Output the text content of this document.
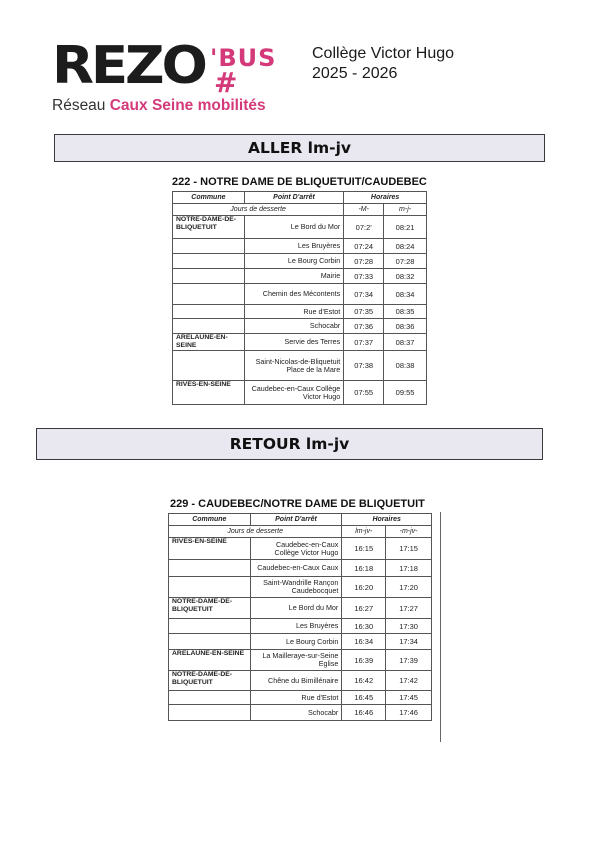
REZO 'BUS
#
Réseau Caux Seine mobilités
Collège Victor Hugo
2025 - 2026
ALLER lm-jv
222 - NOTRE DAME DE BLIQUETUIT/CAUDEBEC
Commune	Point D'arrêt	Horaires	
Jours de desserte		-M-	m-j-
NOTRE-DAME-DE-BLIQUETUIT	Le Bord du Mor	07:2'	08:21
	Les Bruyères	07:24	08:24
	Le Bourg Corbin	07:28	07:28
	Mairie	07:33	08:32
	Chemin des Mécontents	07:34	08:34
	Rue d'Estot	07:35	08:35
	Schocabr	07:36	08:36
ARELAUNE-EN-SEINE	Servie des Terres	07:37	08:37
	Saint-Nicolas-de-Bliquetuit Place de la Mare	07:38	08:38
RIVES-EN-SEINE	Caudebec-en-Caux Collège Victor Hugo	07:55	09:55
RETOUR lm-jv
229 - CAUDEBEC/NOTRE DAME DE BLIQUETUIT
Commune	Point D'arrêt	Horaires	
Jours de desserte		lm-jv-	-m-jv-
RIVES-EN-SEINE	Caudebec-en-Caux Collège Victor Hugo	16:15	17:15
	Caudebec-en-Caux Caux	16:18	17:18
	Saint-Wandrille Rançon Caudebocquet	16:20	17:20
NOTRE-DAME-DE-BLIQUETUIT	Le Bord du Mor	16:27	17:27
	Les Bruyères	16:30	17:30
	Le Bourg Corbin	16:34	17:34
ARELAUNE-EN-SEINE	La Mailleraye-sur-Seine Eglise	16:39	17:39
NOTRE-DAME-DE-BLIQUETUIT	Chêne du Bimillénaire	16:42	17:42
	Rue d'Estot	16:45	17:45
	Schocabr	16:46	17:46
